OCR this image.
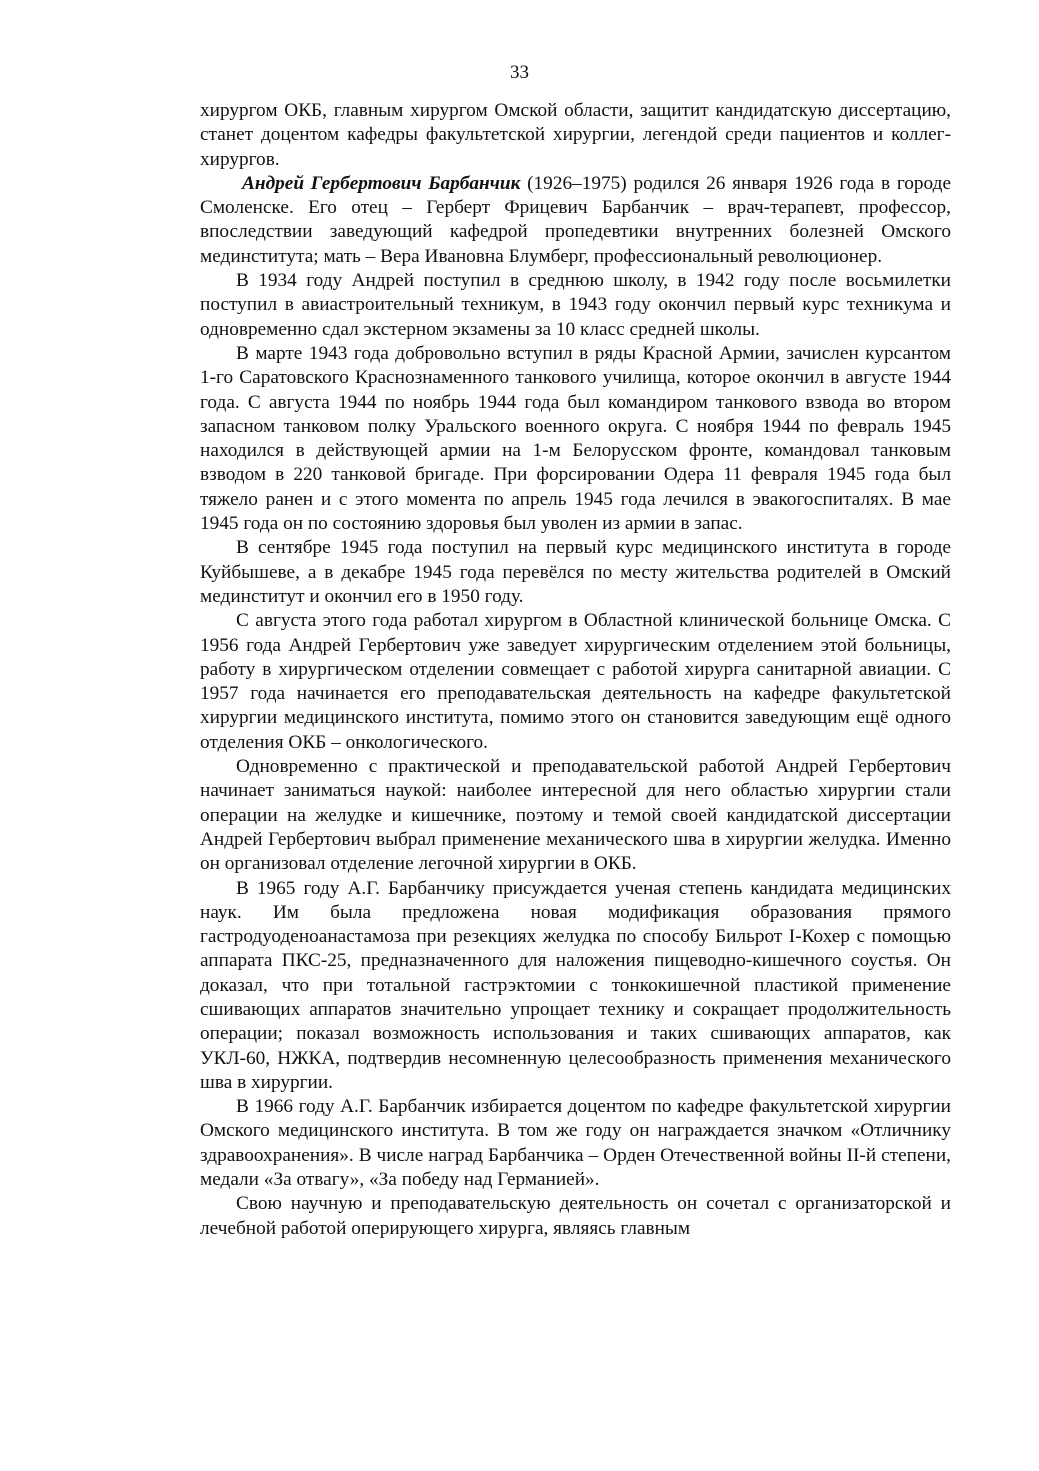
33

хирургом ОКБ, главным хирургом Омской области, защитит кандидатскую диссертацию, станет доцентом кафедры факультетской хирургии, легендой среди пациентов и коллег-хирургов.

Андрей Гербертович Барбанчик (1926–1975) родился 26 января 1926 года в городе Смоленске. Его отец – Герберт Фрицевич Барбанчик – врач-терапевт, профессор, впоследствии заведующий кафедрой пропедевтики внутренних болезней Омского мединститута; мать – Вера Ивановна Блумберг, профессиональный революционер.

В 1934 году Андрей поступил в среднюю школу, в 1942 году после восьмилетки поступил в авиастроительный техникум, в 1943 году окончил первый курс техникума и одновременно сдал экстерном экзамены за 10 класс средней школы.

В марте 1943 года добровольно вступил в ряды Красной Армии, зачислен курсантом 1-го Саратовского Краснознаменного танкового училища, которое окончил в августе 1944 года. С августа 1944 по ноябрь 1944 года был командиром танкового взвода во втором запасном танковом полку Уральского военного округа. С ноября 1944 по февраль 1945 находился в действующей армии на 1-м Белорусском фронте, командовал танковым взводом в 220 танковой бригаде. При форсировании Одера 11 февраля 1945 года был тяжело ранен и с этого момента по апрель 1945 года лечился в эвакогоспиталях. В мае 1945 года он по состоянию здоровья был уволен из армии в запас.

В сентябре 1945 года поступил на первый курс медицинского института в городе Куйбышеве, а в декабре 1945 года перевёлся по месту жительства родителей в Омский мединститут и окончил его в 1950 году.

С августа этого года работал хирургом в Областной клинической больнице Омска. С 1956 года Андрей Гербертович уже заведует хирургическим отделением этой больницы, работу в хирургическом отделении совмещает с работой хирурга санитарной авиации. С 1957 года начинается его преподавательская деятельность на кафедре факультетской хирургии медицинского института, помимо этого он становится заведующим ещё одного отделения ОКБ – онкологического.

Одновременно с практической и преподавательской работой Андрей Гербертович начинает заниматься наукой: наиболее интересной для него областью хирургии стали операции на желудке и кишечнике, поэтому и темой своей кандидатской диссертации Андрей Гербертович выбрал применение механического шва в хирургии желудка. Именно он организовал отделение легочной хирургии в ОКБ.

В 1965 году А.Г. Барбанчику присуждается ученая степень кандидата медицинских наук. Им была предложена новая модификация образования прямого гастродуоденоанастамоза при резекциях желудка по способу Бильрот I-Кохер с помощью аппарата ПКС-25, предназначенного для наложения пищеводно-кишечного соустья. Он доказал, что при тотальной гастрэктомии с тонкокишечной пластикой применение сшивающих аппаратов значительно упрощает технику и сокращает продолжительность операции; показал возможность использования и таких сшивающих аппаратов, как УКЛ-60, НЖКА, подтвердив несомненную целесообразность применения механического шва в хирургии.

В 1966 году А.Г. Барбанчик избирается доцентом по кафедре факультетской хирургии Омского медицинского института. В том же году он награждается значком «Отличнику здравоохранения». В числе наград Барбанчика – Орден Отечественной войны II-й степени, медали «За отвагу», «За победу над Германией».

Свою научную и преподавательскую деятельность он сочетал с организаторской и лечебной работой оперирующего хирурга, являясь главным
